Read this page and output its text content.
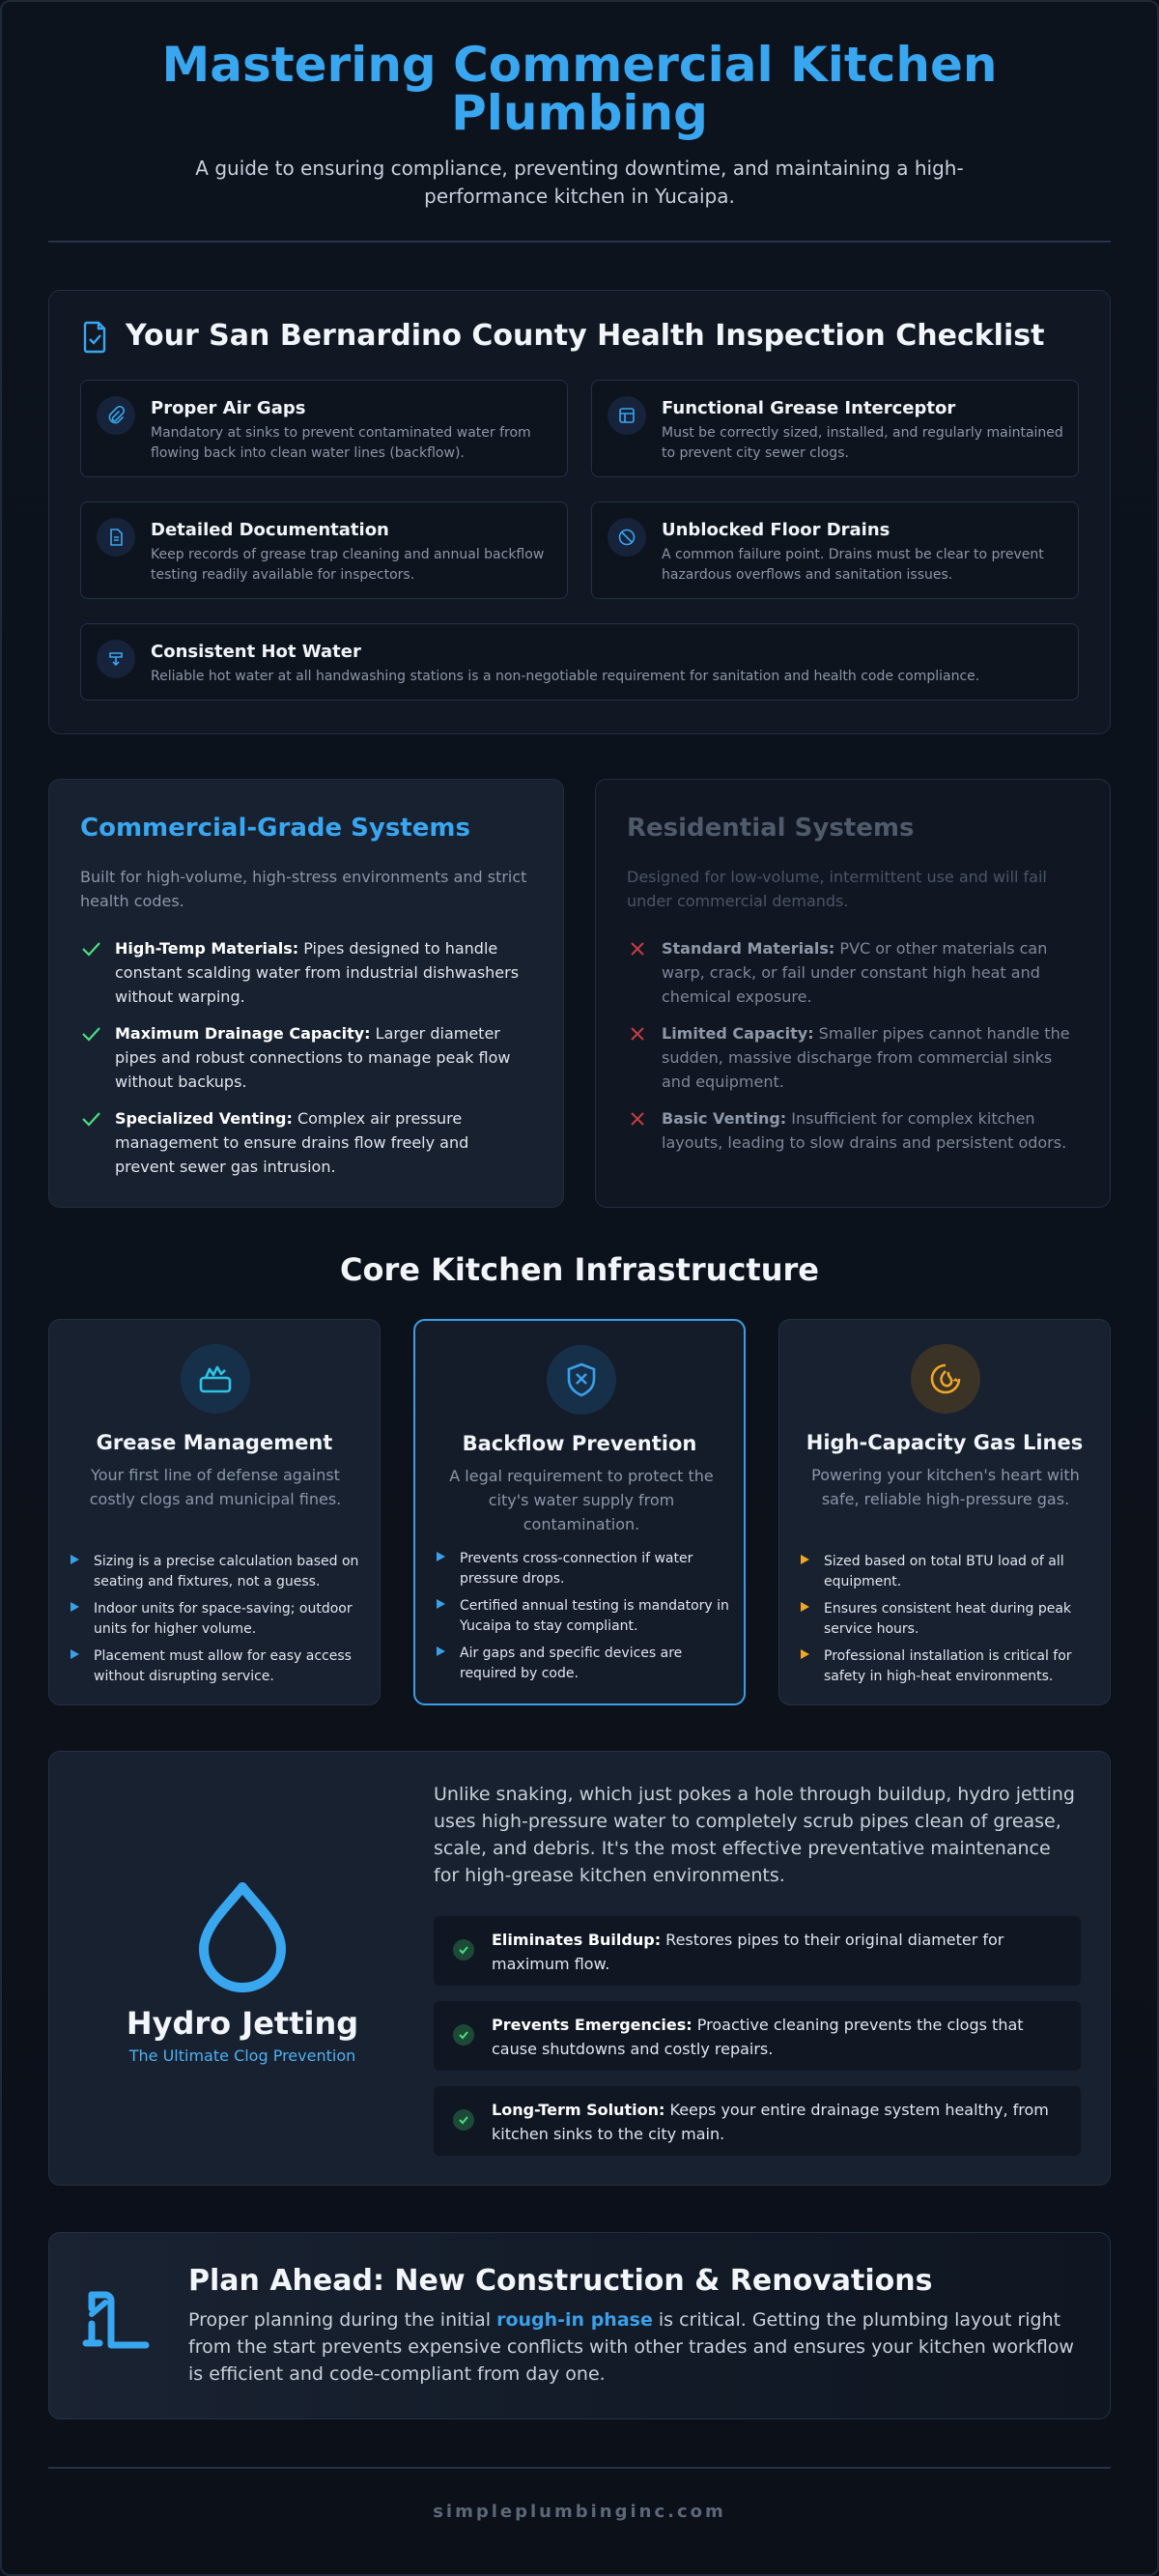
Mastering Commercial Kitchen Plumbing

A guide to ensuring compliance, preventing downtime, and maintaining a high-performance kitchen in Yucaipa.

Your San Bernardino County Health Inspection Checklist
Proper Air Gaps
Mandatory at sinks to prevent contaminated water from flowing back into clean water lines (backflow).
Functional Grease Interceptor
Must be correctly sized, installed, and regularly maintained to prevent city sewer clogs.
Detailed Documentation
Keep records of grease trap cleaning and annual backflow testing readily available for inspectors.
Unblocked Floor Drains
A common failure point. Drains must be clear to prevent hazardous overflows and sanitation issues.
Consistent Hot Water
Reliable hot water at all handwashing stations is a non-negotiable requirement for sanitation and health code compliance.
Commercial-Grade Systems

Built for high-volume, high-stress environments and strict health codes.

High-Temp Materials: Pipes designed to handle constant scalding water from industrial dishwashers without warping.
Maximum Drainage Capacity: Larger diameter pipes and robust connections to manage peak flow without backups.
Specialized Venting: Complex air pressure management to ensure drains flow freely and prevent sewer gas intrusion.
Residential Systems

Designed for low-volume, intermittent use and will fail under commercial demands.

Standard Materials: PVC or other materials can warp, crack, or fail under constant high heat and chemical exposure.
Limited Capacity: Smaller pipes cannot handle the sudden, massive discharge from commercial sinks and equipment.
Basic Venting: Insufficient for complex kitchen layouts, leading to slow drains and persistent odors.
Core Kitchen Infrastructure
Grease Management

Your first line of defense against costly clogs and municipal fines.

Sizing is a precise calculation based on seating and fixtures, not a guess.
Indoor units for space-saving; outdoor units for higher volume.
Placement must allow for easy access without disrupting service.
Backflow Prevention

A legal requirement to protect the city's water supply from contamination.

Prevents cross-connection if water pressure drops.
Certified annual testing is mandatory in Yucaipa to stay compliant.
Air gaps and specific devices are required by code.
High-Capacity Gas Lines

Powering your kitchen's heart with safe, reliable high-pressure gas.

Sized based on total BTU load of all equipment.
Ensures consistent heat during peak service hours.
Professional installation is critical for safety in high-heat environments.
Hydro Jetting
The Ultimate Clog Prevention

Unlike snaking, which just pokes a hole through buildup, hydro jetting uses high-pressure water to completely scrub pipes clean of grease, scale, and debris. It's the most effective preventative maintenance for high-grease kitchen environments.

Eliminates Buildup: Restores pipes to their original diameter for maximum flow.
Prevents Emergencies: Proactive cleaning prevents the clogs that cause shutdowns and costly repairs.
Long-Term Solution: Keeps your entire drainage system healthy, from kitchen sinks to the city main.
Plan Ahead: New Construction & Renovations

Proper planning during the initial rough-in phase is critical. Getting the plumbing layout right from the start prevents expensive conflicts with other trades and ensures your kitchen workflow is efficient and code-compliant from day one.

simpleplumbinginc.com
